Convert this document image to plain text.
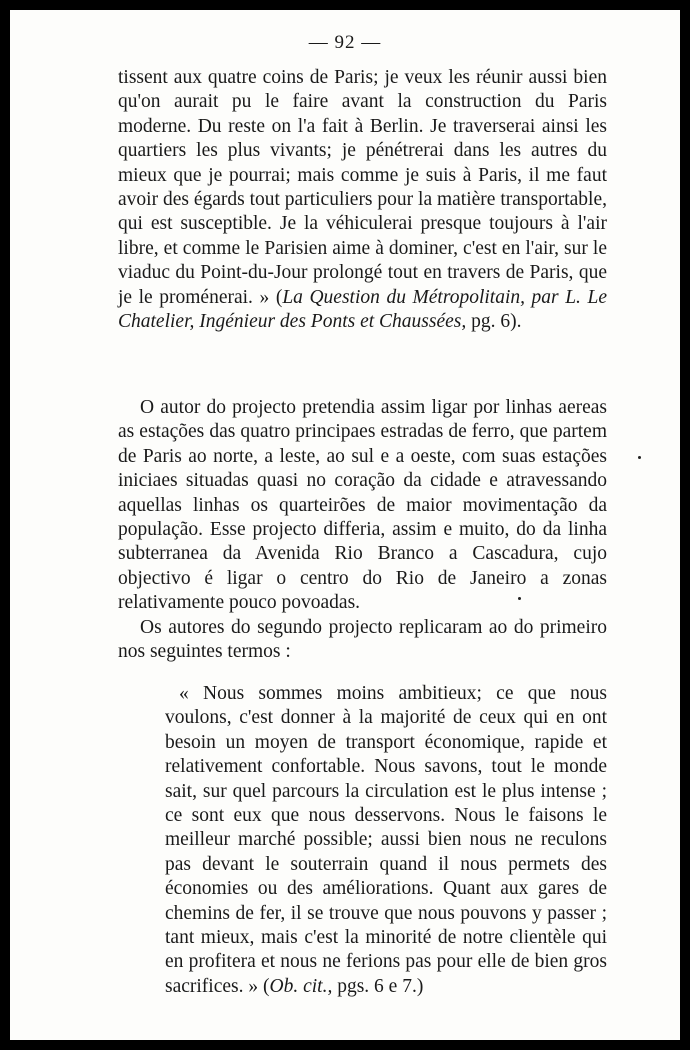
— 92 —

tissent aux quatre coins de Paris; je veux les réunir aussi bien qu'on aurait pu le faire avant la construction du Paris moderne. Du reste on l'a fait à Berlin. Je traverserai ainsi les quartiers les plus vivants; je pénétrerai dans les autres du mieux que je pourrai; mais comme je suis à Paris, il me faut avoir des égards tout particuliers pour la matière transportable, qui est susceptible. Je la véhiculerai presque toujours à l'air libre, et comme le Parisien aime à dominer, c'est en l'air, sur le viaduc du Point-du-Jour prolongé tout en travers de Paris, que je le proménerai. » (La Question du Métropolitain, par L. Le Chatelier, Ingénieur des Ponts et Chaussées, pg. 6).

O autor do projecto pretendia assim ligar por linhas aereas as estações das quatro principaes estradas de ferro, que partem de Paris ao norte, a leste, ao sul e a oeste, com suas estações iniciaes situadas quasi no coração da cidade e atravessando aquellas linhas os quarteirões de maior movimentação da população. Esse projecto differia, assim e muito, do da linha subterranea da Avenida Rio Branco a Cascadura, cujo objectivo é ligar o centro do Rio de Janeiro a zonas relativamente pouco povoadas.

Os autores do segundo projecto replicaram ao do primeiro nos seguintes termos :

« Nous sommes moins ambitieux; ce que nous voulons, c'est donner à la majorité de ceux qui en ont besoin un moyen de transport économique, rapide et relativement confortable. Nous savons, tout le monde sait, sur quel parcours la circulation est le plus intense ; ce sont eux que nous desservons. Nous le faisons le meilleur marché possible; aussi bien nous ne reculons pas devant le souterrain quand il nous permets des économies ou des améliorations. Quant aux gares de chemins de fer, il se trouve que nous pouvons y passer ; tant mieux, mais c'est la minorité de notre clientèle qui en profitera et nous ne ferions pas pour elle de bien gros sacrifices. » (Ob. cit., pgs. 6 e 7.)
